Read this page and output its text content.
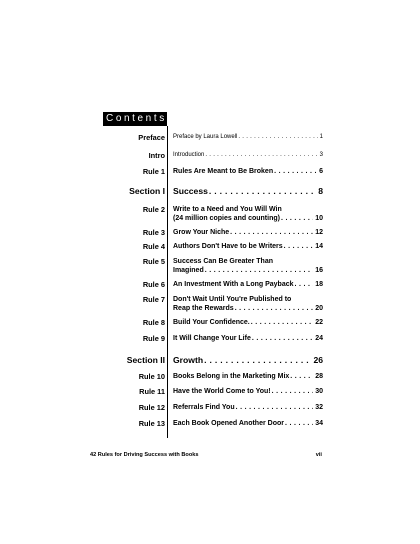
Contents
Preface Preface by Laura Lowell . . .	1
Intro Introduction . . .	3
Rule 1 Rules Are Meant to Be Broken . . .	6
Section I Success . . .	8
Rule 2 Write to a Need and You Will Win
(24 million copies and counting) . . .	10
Rule 3 Grow Your Niche . . .	12
Rule 4 Authors Don't Have to be Writers . . .	14
Rule 5 Success Can Be Greater Than
Imagined . . .	16
Rule 6 An Investment With a Long Payback . . .	18
Rule 7 Don't Wait Until You're Published to
Reap the Rewards . . .	20
Rule 8 Build Your Confidence. . . .	22
Rule 9 It Will Change Your Life . . .	24
Section II Growth . . .	26
Rule 10 Books Belong in the Marketing Mix . . .	28
Rule 11 Have the World Come to You! . . .	30
Rule 12 Referrals Find You . . .	32
Rule 13 Each Book Opened Another Door . . .	34
42 Rules for Driving Success with Books	vii
